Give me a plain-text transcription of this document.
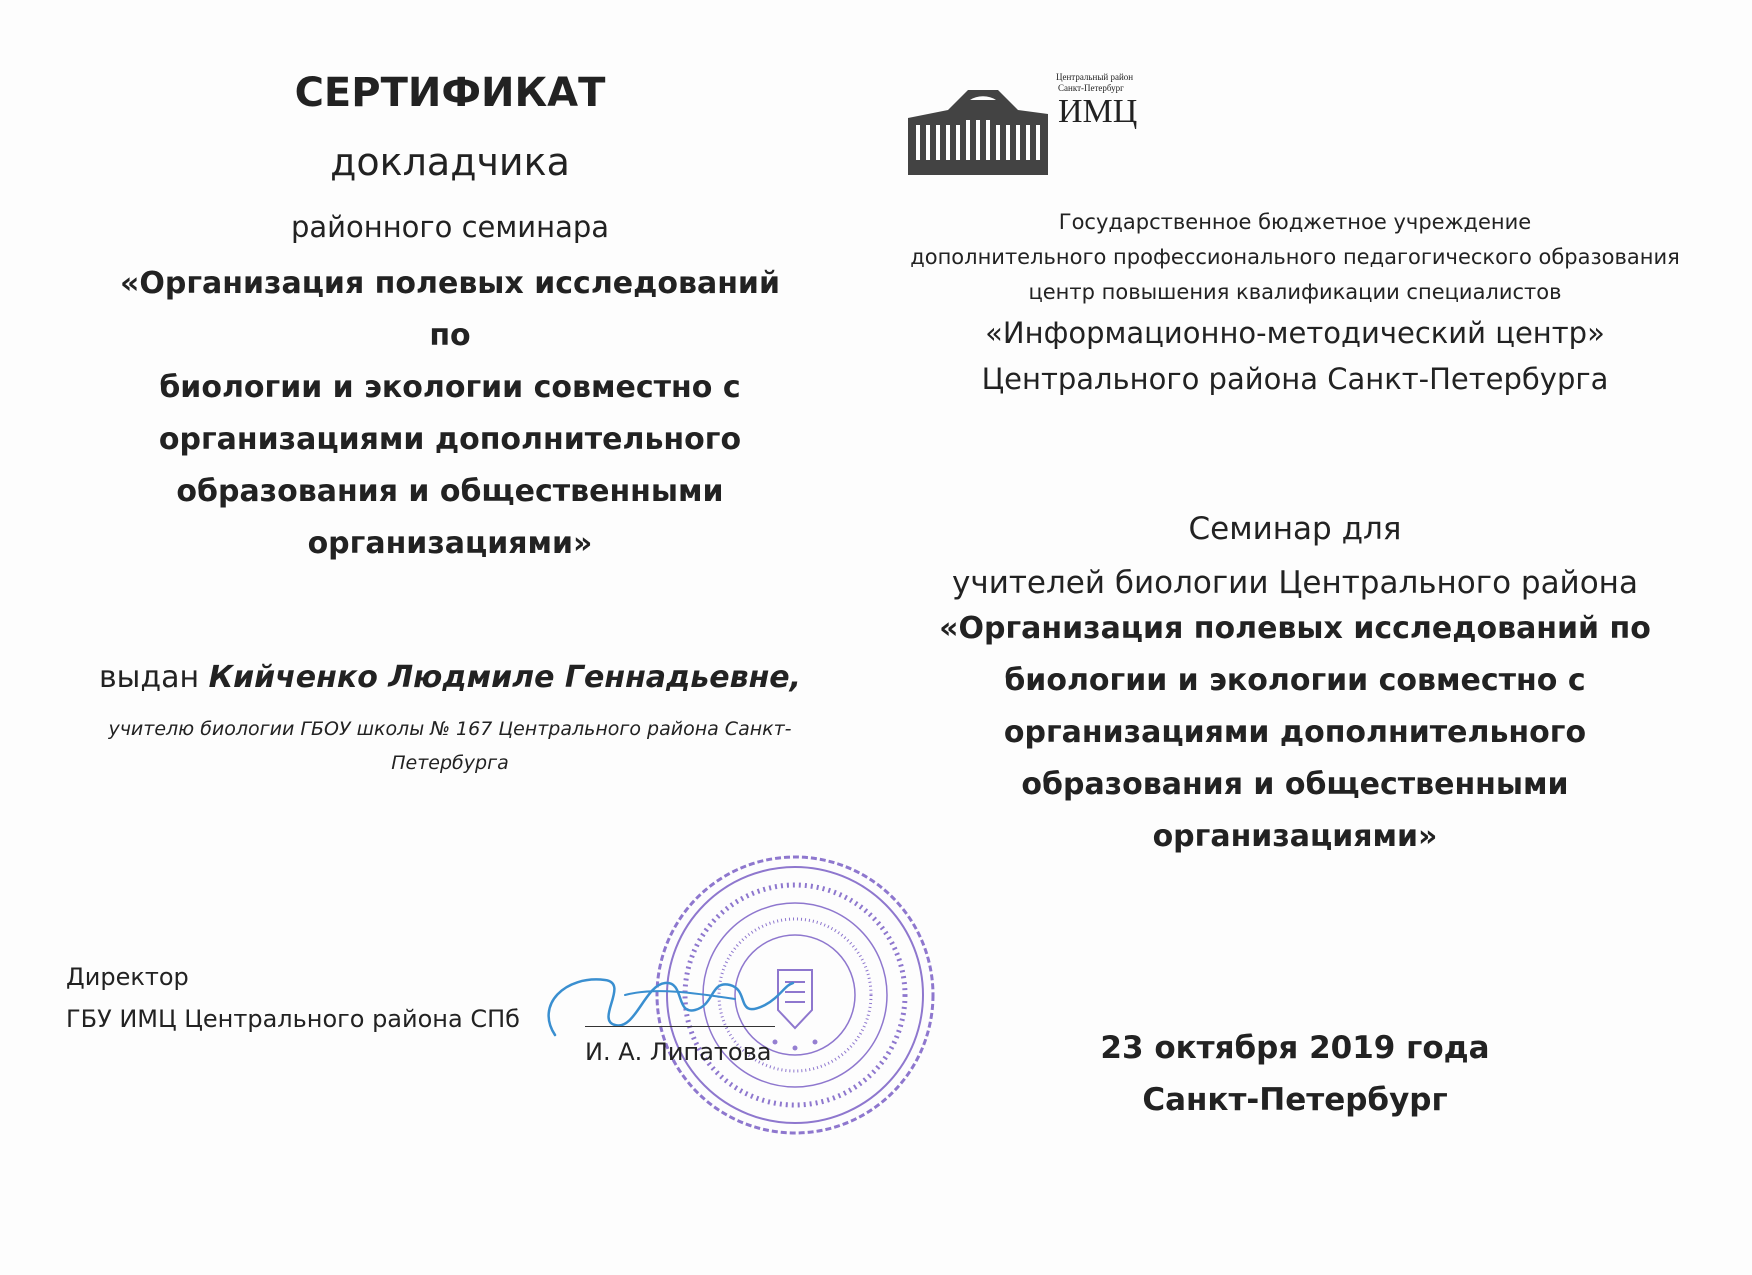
СЕРТИФИКАТ
докладчика
районного семинара
«Организация полевых исследований по
биологии и экологии совместно с
организациями дополнительного
образования и общественными
организациями»
выдан Кийченко Людмиле Геннадьевне,
учителю биологии ГБОУ школы № 167 Центрального района Санкт-
Петербурга
Директор
ГБУ ИМЦ Центрального района СПб
И. А. Липатова
Центральный район
Санкт-Петербург
ИМЦ
Государственное бюджетное учреждение
дополнительного профессионального педагогического образования
центр повышения квалификации специалистов
«Информационно-методический центр»
Центрального района Санкт-Петербурга
Семинар для
учителей биологии Центрального района
«Организация полевых исследований по
биологии и экологии совместно с
организациями дополнительного
образования и общественными
организациями»
23 октября 2019 года
Санкт-Петербург
